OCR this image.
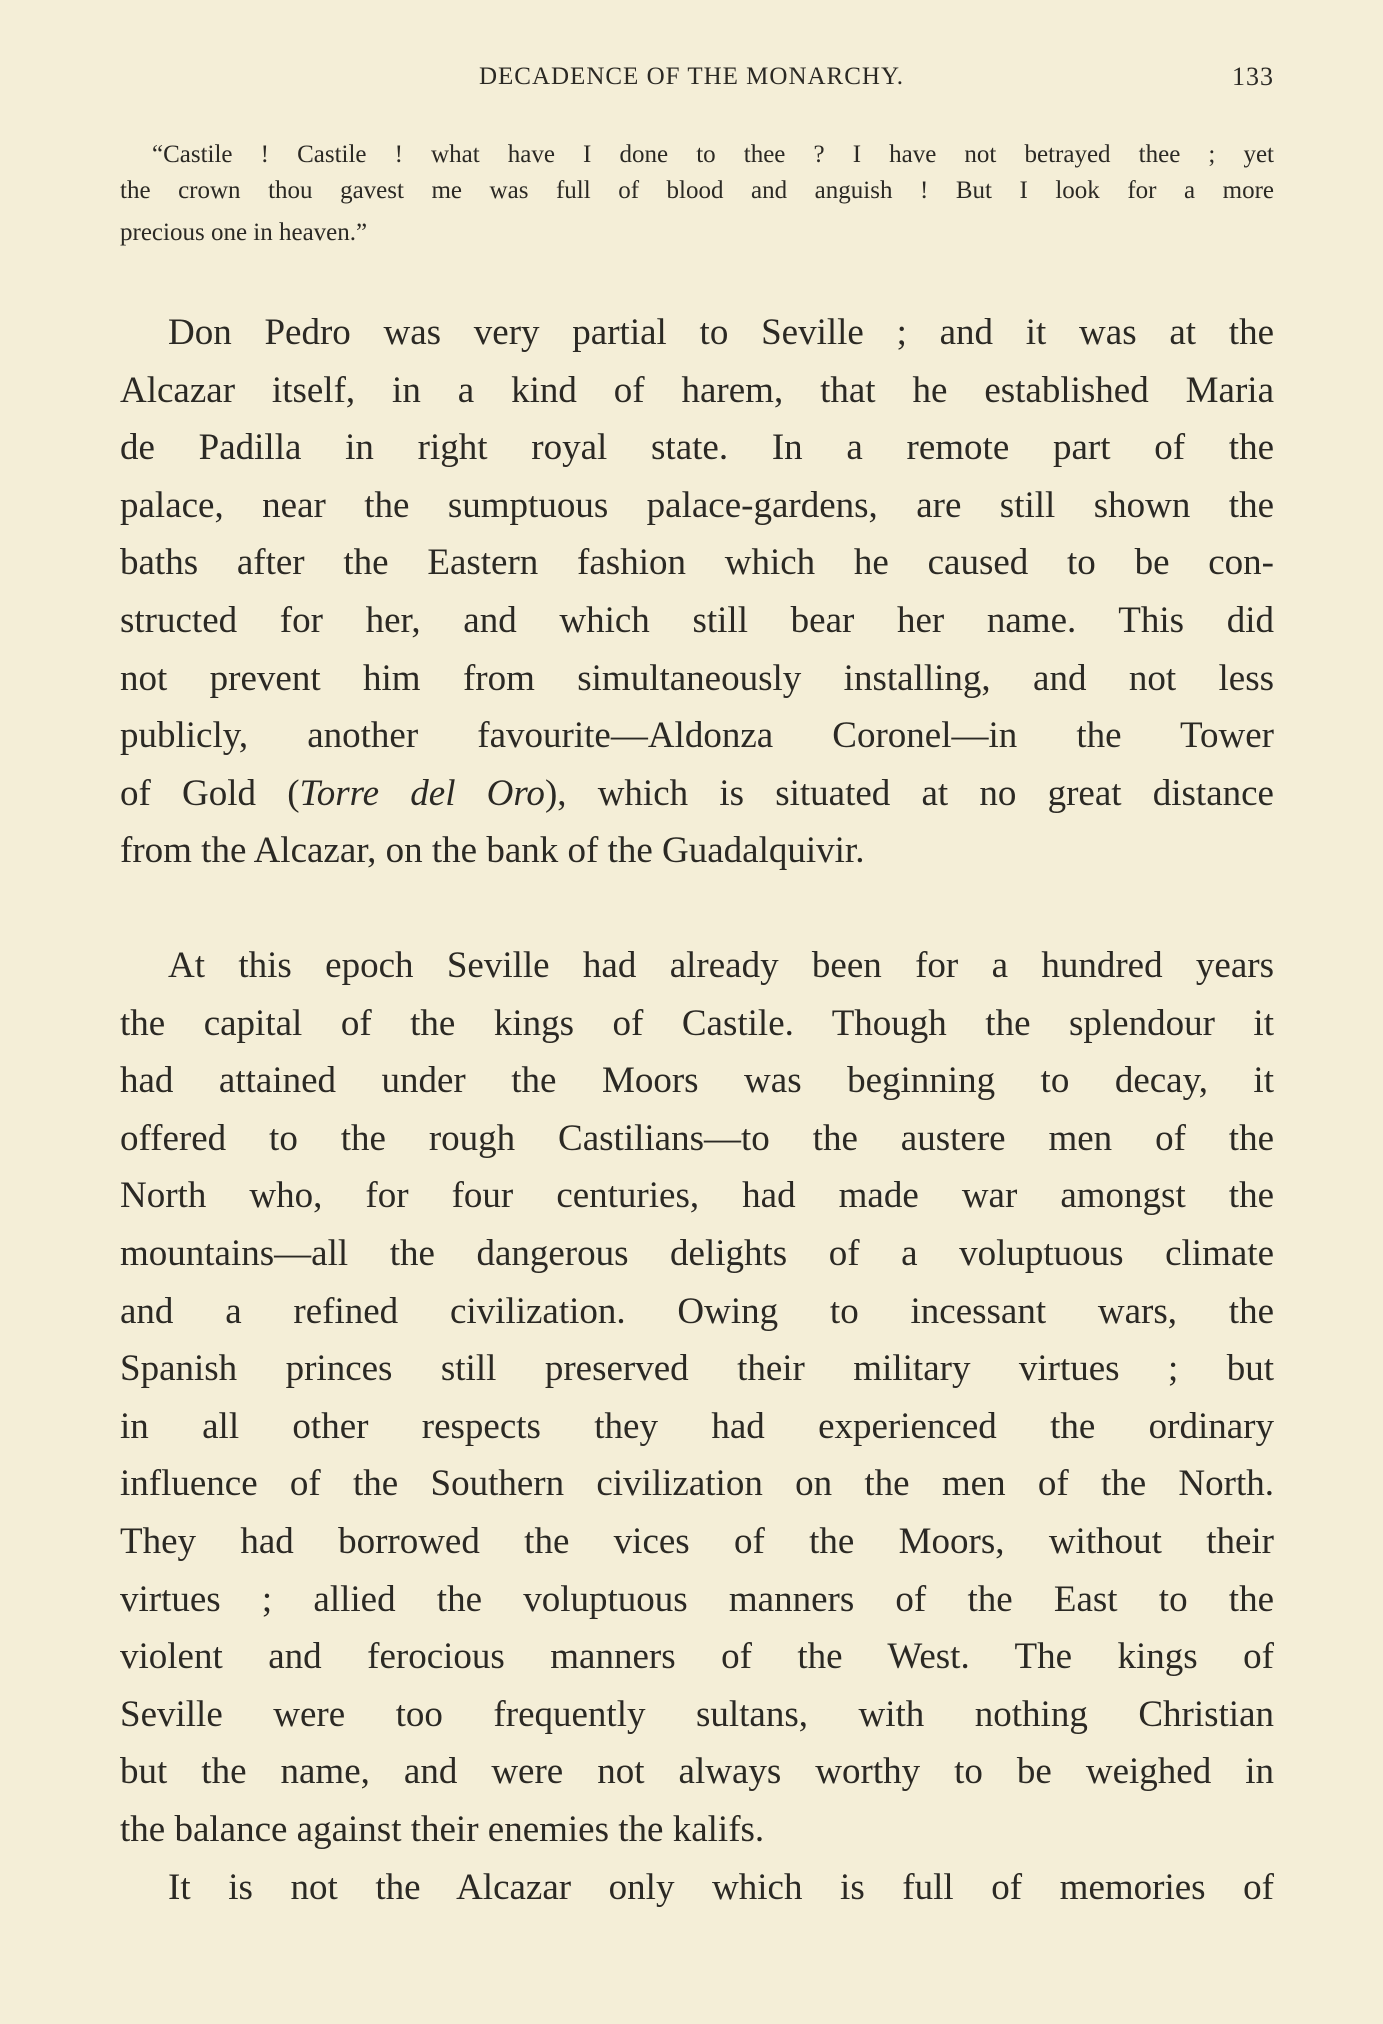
DECADENCE OF THE MONARCHY.	133
“Castile ! Castile ! what have I done to thee ? I have not betrayed thee ; yet
the crown thou gavest me was full of blood and anguish ! But I look for a more
precious one in heaven.”
Don Pedro was very partial to Seville ; and it was at the
Alcazar itself, in a kind of harem, that he established Maria
de Padilla in right royal state. In a remote part of the
palace, near the sumptuous palace-gardens, are still shown the
baths after the Eastern fashion which he caused to be con-
structed for her, and which still bear her name. This did
not prevent him from simultaneously installing, and not less
publicly, another favourite—Aldonza Coronel—in the Tower
of Gold (Torre del Oro), which is situated at no great distance
from the Alcazar, on the bank of the Guadalquivir.
At this epoch Seville had already been for a hundred years
the capital of the kings of Castile. Though the splendour it
had attained under the Moors was beginning to decay, it
offered to the rough Castilians—to the austere men of the
North who, for four centuries, had made war amongst the
mountains—all the dangerous delights of a voluptuous climate
and a refined civilization. Owing to incessant wars, the
Spanish princes still preserved their military virtues ; but
in all other respects they had experienced the ordinary
influence of the Southern civilization on the men of the North.
They had borrowed the vices of the Moors, without their
virtues ; allied the voluptuous manners of the East to the
violent and ferocious manners of the West. The kings of
Seville were too frequently sultans, with nothing Christian
but the name, and were not always worthy to be weighed in
the balance against their enemies the kalifs.
It is not the Alcazar only which is full of memories of
